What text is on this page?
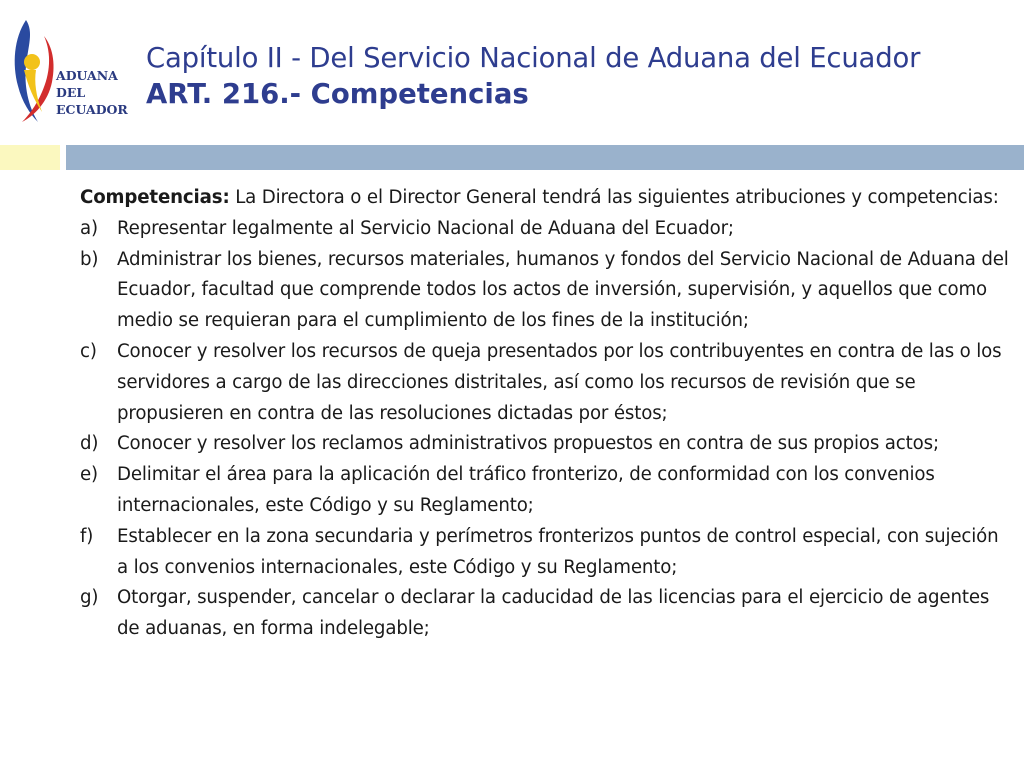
ADUANA
DEL
ECUADOR
Capítulo II - Del Servicio Nacional de Aduana del Ecuador
ART. 216.- Competencias
Competencias: La Directora o el Director General tendrá las siguientes atribuciones y competencias:
a) Representar legalmente al Servicio Nacional de Aduana del Ecuador;
b) Administrar los bienes, recursos materiales, humanos y fondos del Servicio Nacional de Aduana del Ecuador, facultad que comprende todos los actos de inversión, supervisión, y aquellos que como medio se requieran para el cumplimiento de los fines de la institución;
c) Conocer y resolver los recursos de queja presentados por los contribuyentes en contra de las o los servidores a cargo de las direcciones distritales, así como los recursos de revisión que se propusieren en contra de las resoluciones dictadas por éstos;
d) Conocer y resolver los reclamos administrativos propuestos en contra de sus propios actos;
e) Delimitar el área para la aplicación del tráfico fronterizo, de conformidad con los convenios internacionales, este Código y su Reglamento;
f) Establecer en la zona secundaria y perímetros fronterizos puntos de control especial, con sujeción a los convenios internacionales, este Código y su Reglamento;
g) Otorgar, suspender, cancelar o declarar la caducidad de las licencias para el ejercicio de agentes de aduanas, en forma indelegable;
